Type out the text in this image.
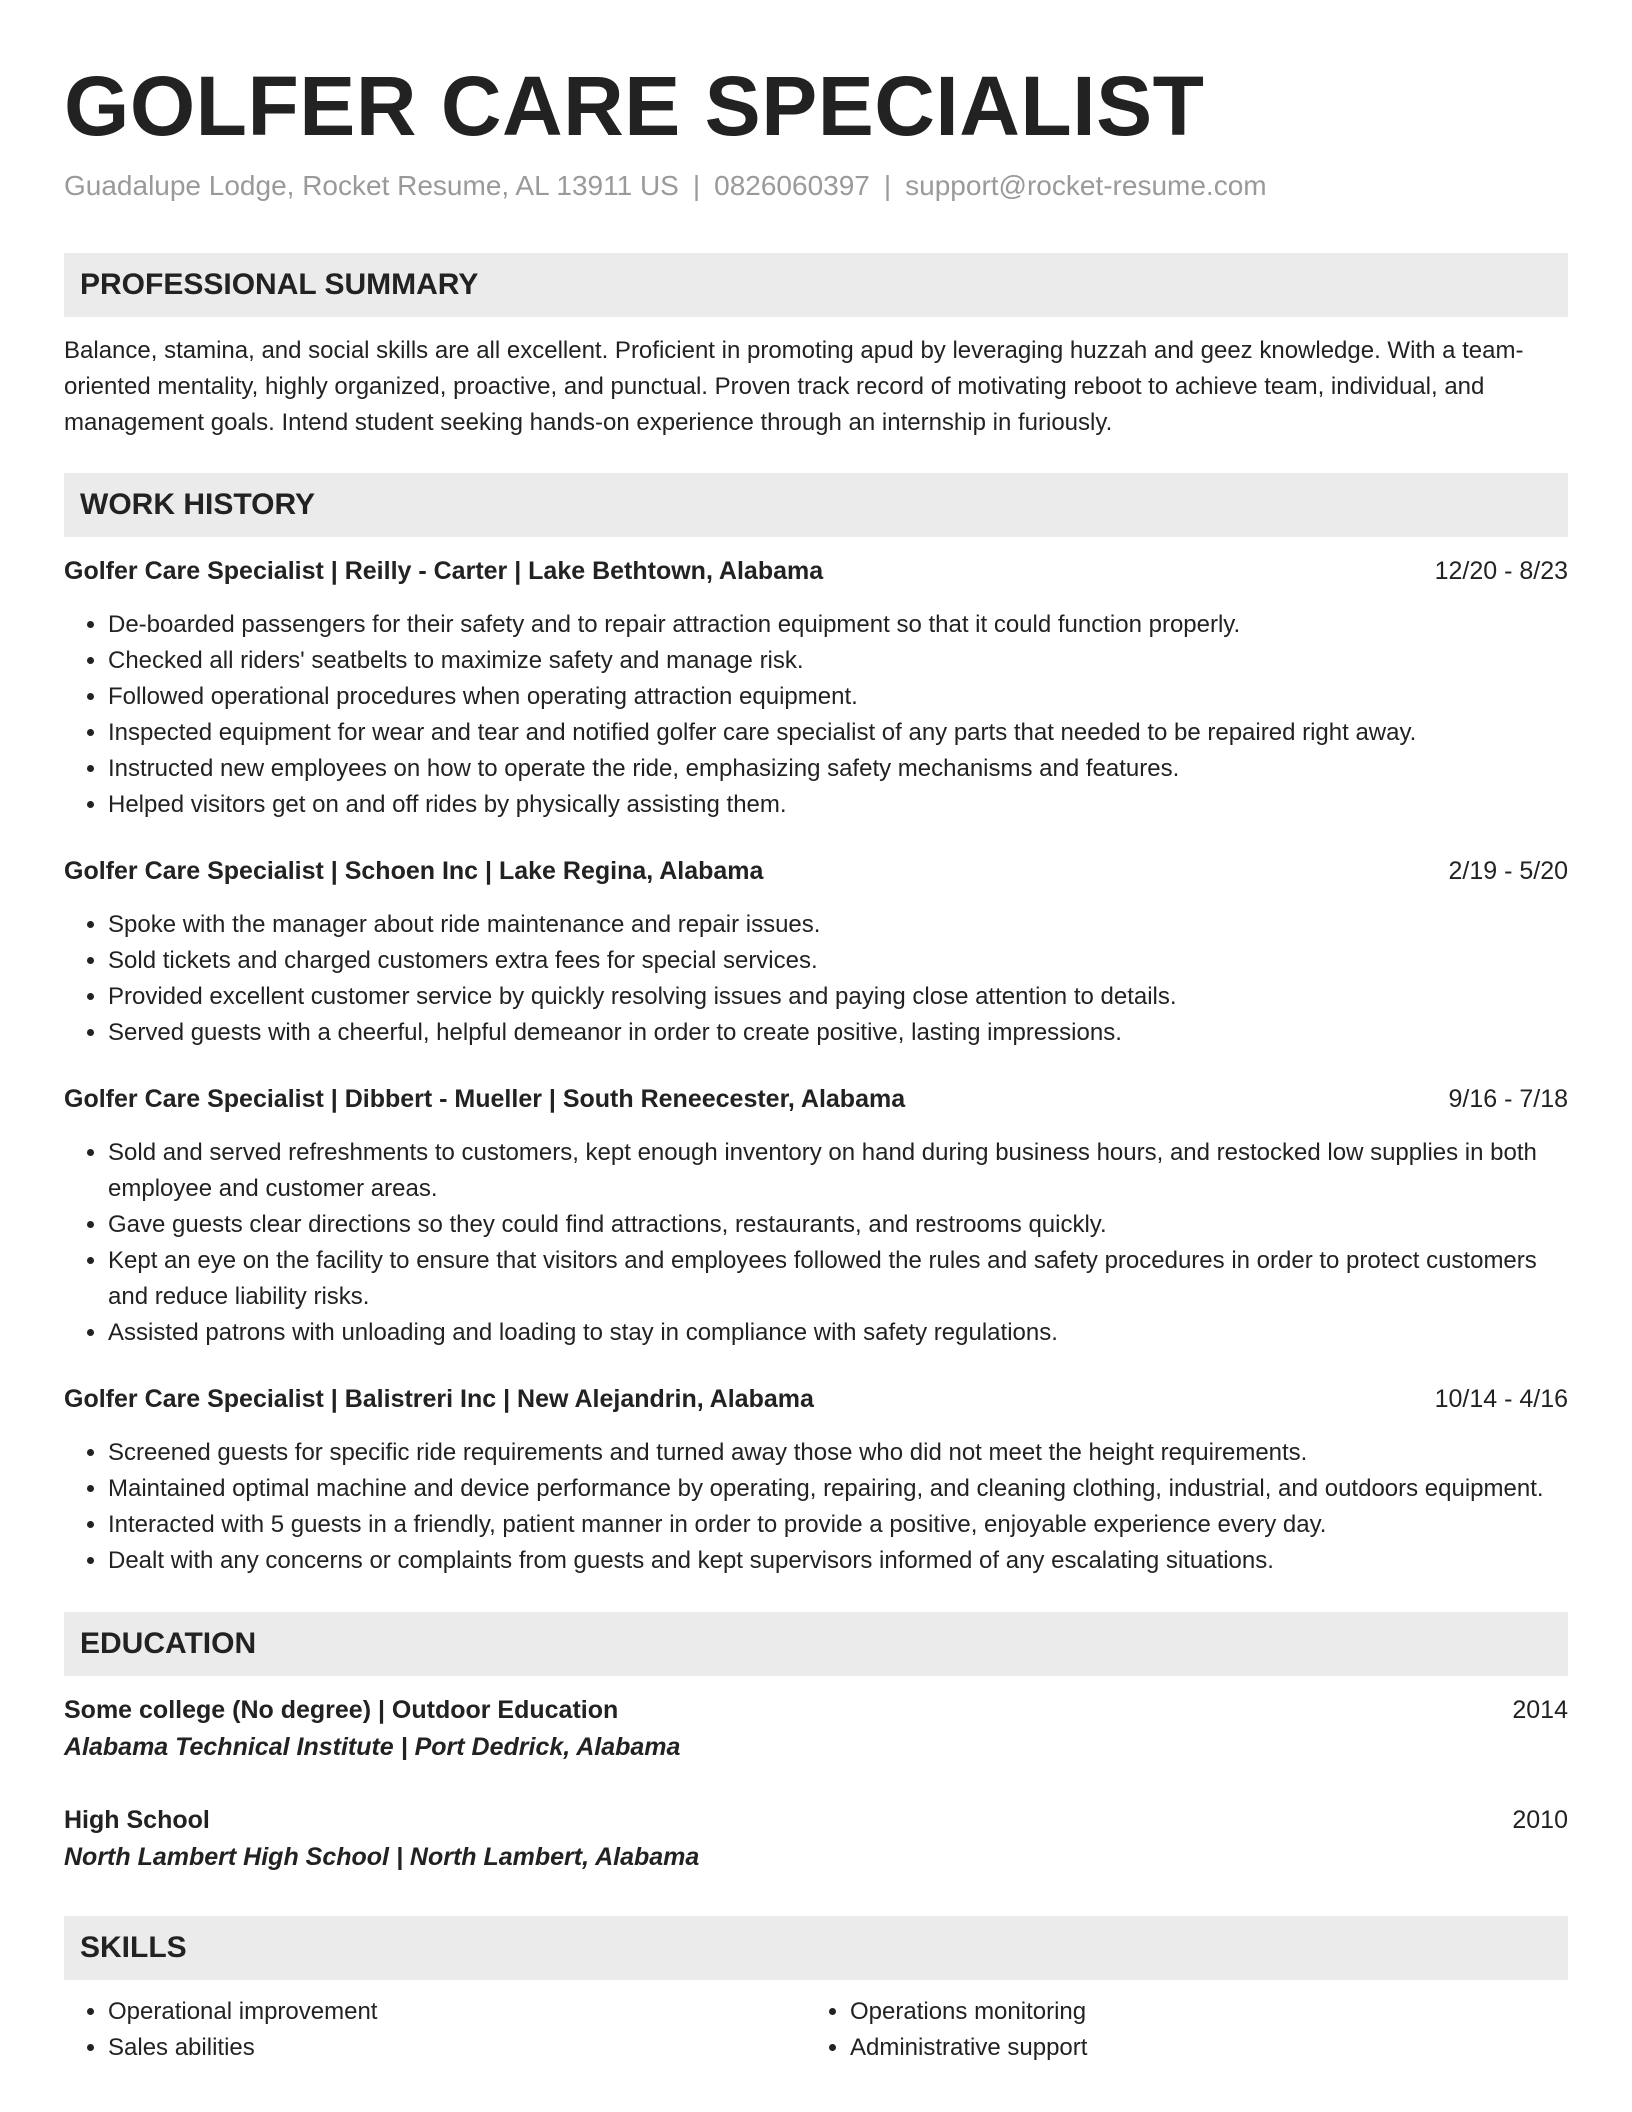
GOLFER CARE SPECIALIST
Guadalupe Lodge, Rocket Resume, AL 13911 US | 0826060397 | support@rocket-resume.com
PROFESSIONAL SUMMARY

Balance, stamina, and social skills are all excellent. Proficient in promoting apud by leveraging huzzah and geez knowledge. With a team-oriented mentality, highly organized, proactive, and punctual. Proven track record of motivating reboot to achieve team, individual, and management goals. Intend student seeking hands-on experience through an internship in furiously.

WORK HISTORY
Golfer Care Specialist | Reilly - Carter | Lake Bethtown, Alabama	12/20 - 8/23
• De-boarded passengers for their safety and to repair attraction equipment so that it could function properly.
• Checked all riders' seatbelts to maximize safety and manage risk.
• Followed operational procedures when operating attraction equipment.
• Inspected equipment for wear and tear and notified golfer care specialist of any parts that needed to be repaired right away.
• Instructed new employees on how to operate the ride, emphasizing safety mechanisms and features.
• Helped visitors get on and off rides by physically assisting them.
Golfer Care Specialist | Schoen Inc | Lake Regina, Alabama	2/19 - 5/20
• Spoke with the manager about ride maintenance and repair issues.
• Sold tickets and charged customers extra fees for special services.
• Provided excellent customer service by quickly resolving issues and paying close attention to details.
• Served guests with a cheerful, helpful demeanor in order to create positive, lasting impressions.
Golfer Care Specialist | Dibbert - Mueller | South Reneecester, Alabama	9/16 - 7/18
• Sold and served refreshments to customers, kept enough inventory on hand during business hours, and restocked low supplies in both employee and customer areas.
• Gave guests clear directions so they could find attractions, restaurants, and restrooms quickly.
• Kept an eye on the facility to ensure that visitors and employees followed the rules and safety procedures in order to protect customers and reduce liability risks.
• Assisted patrons with unloading and loading to stay in compliance with safety regulations.
Golfer Care Specialist | Balistreri Inc | New Alejandrin, Alabama	10/14 - 4/16
• Screened guests for specific ride requirements and turned away those who did not meet the height requirements.
• Maintained optimal machine and device performance by operating, repairing, and cleaning clothing, industrial, and outdoors equipment.
• Interacted with 5 guests in a friendly, patient manner in order to provide a positive, enjoyable experience every day.
• Dealt with any concerns or complaints from guests and kept supervisors informed of any escalating situations.
EDUCATION
Some college (No degree) | Outdoor Education	2014
Alabama Technical Institute | Port Dedrick, Alabama
High School	2010
North Lambert High School | North Lambert, Alabama
SKILLS
• Operational improvement
• Sales abilities
• Operations monitoring
• Administrative support
